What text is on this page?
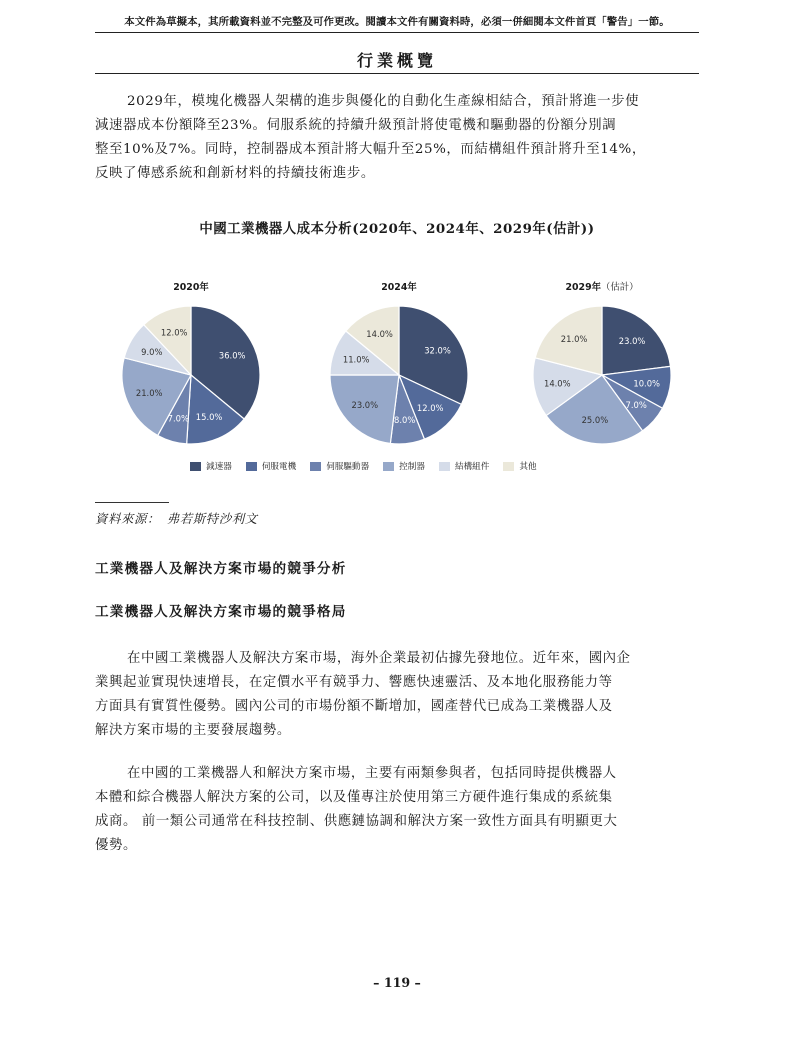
本文件為草擬本，其所載資料並不完整及可作更改。閱讀本文件有關資料時，必須一併細閱本文件首頁「警告」一節。
行業概覽
2029年，模塊化機器人架構的進步與優化的自動化生產線相結合，預計將進一步使
減速器成本份額降至23%。伺服系統的持續升級預計將使電機和驅動器的份額分別調
整至10%及7%。同時，控制器成本預計將大幅升至25%，而結構組件預計將升至14%，
反映了傳感系統和創新材料的持續技術進步。
中國工業機器人成本分析(2020年、2024年、2029年(估計))
2020年	2024年	2029年（估計）
36.0%
15.0%
7.0%
21.0%
9.0%
12.0%
32.0%
12.0%
8.0%
23.0%
11.0%
14.0%
23.0%
10.0%
7.0%
25.0%
14.0%
21.0%
減速器	伺服電機	伺服驅動器	控制器	結構組件	其他
資料來源：　弗若斯特沙利文
工業機器人及解決方案市場的競爭分析
工業機器人及解決方案市場的競爭格局
在中國工業機器人及解決方案市場，海外企業最初佔據先發地位。近年來，國內企
業興起並實現快速增長，在定價水平有競爭力、響應快速靈活、及本地化服務能力等
方面具有實質性優勢。國內公司的市場份額不斷增加，國產替代已成為工業機器人及
解決方案市場的主要發展趨勢。
在中國的工業機器人和解決方案市場，主要有兩類參與者，包括同時提供機器人
本體和綜合機器人解決方案的公司，以及僅專注於使用第三方硬件進行集成的系統集
成商。 前一類公司通常在科技控制、供應鏈協調和解決方案一致性方面具有明顯更大
優勢。
– 119 –
